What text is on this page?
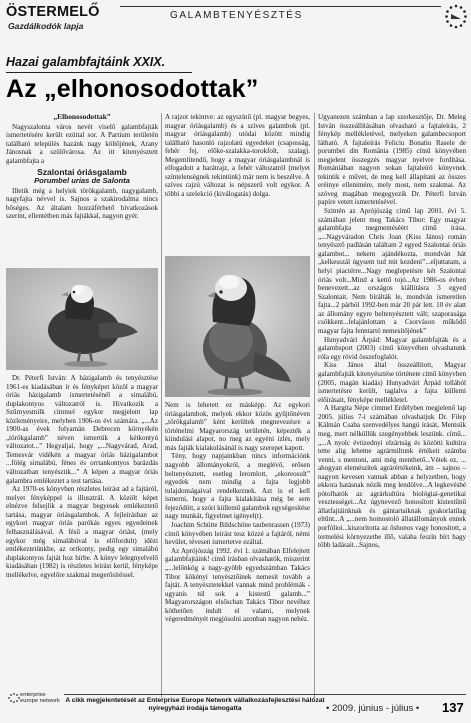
ÖSTERMELŐ
Gazdálkodók lapja
GALAMBTENYÉSZTÉS
Hazai galambfajtáink XXIX.
Az „elhonosodottak”

„Elhonosodottak”

Nagyszalonta város nevét viselő galambfajták ismertetésére került ezúttal sor. A Partium területén található település hazánk nagy költőjének, Arany Jánosnak a szülővárosa. Az itt kitenyésztett galambfajta a

Szalontai óriásgalamb

Porumbel urias de Salonta

Illetik még a helyiek törökgalamb, nagygalamb, nagyfajta névvel is. Sajnos a szakirodalma nincs bőséges. Az általam hozzáférhető hivatkozások szerint, ellentétben más fajtákkal, nagyon gyér.

Dr. Péterfi István: A házigalamb és tenyésztése 1961-es kiadásában ír és fényképet közöl a magyar óriás házigalamb ismertetésénél a simalábú, duplakontyos változatról is. Hivatkozik a Szűrnyesmilk címmel egykor megjelent lap közleményeire, melyben 1906-os évi számára. „...Az 1900-as évek folyamán Debrecen környékén „törökgalamb” néven ismertük a kétkontyú változatot...” Hegyaljai, hogy „...Nagyvárad, Arad, Temesvár vidékén a magyar óriás házigalambot ...fölég simalábú, fénes és orrtankontyos barázdás változatban tenyésztik...” A képen a magyar óriás galambra emlékeztet a test tartása.

Az 1970-es könyvben részletes leírást ad a fajtáról, melyet fényképpel is illusztrál. A közölt képet elnézve felsejlik a magyar begyesek emlékeztető tartása, magyar óriásgalambok. A fejleírásban az egykori magyar óriás parókás egyes egyedeinek felhasználásával. A fésű a magyar óriást, (mely egykor még simalábúval is előfordult) idézi emlékeztetünkbe, az orrkonty, pedig egy simalábú duplakontyos fajtát hoz hírbe. A könyv lelegnyelvelő kiadásában (1982) is részletes leírást kerül, fényképe mellékelve, egyelőre szakmai megerősítéssel.

A rajzot tekintve: az egyszínű (pl. magyar begyes, magyar óriásgalamb) és a szíves galambok (pl. magyar óriásgalamb) utódai között mindig található hasonló rajzolatú egyedeket (csaposság, fehér fej, előke-szalakka-torokfolt, szalag). Megemlítendő, hogy a magyar óriásgalambnál is elfogadott a barátrajz, a fehér változatról (melyet színtelenségnek tekintünk) már nem is beszélve. A szíves rajzú változat is népszerű volt egykor. A többi a szelekció (kiválogatás) dolga.

Nem is lehetett ez másképp. Az egykori óriásgalambok, melyek ekkor közös gyűjtőnéven „törökgalamb” ként kerültek megnevezésre a történelmi Magyarország területén, képezték a kiindulási alapot, no meg az egyéni ízlés, mely más fajták kialakulásánál is nagy szerepet kapott.

Tény, hogy napjainkban nincs információnk nagyobb állományokról, a meglévő, erősen beltenyésztett, esetleg leromlott, „ekoreosult” egyedek nem mindig a fajta legjobb tulajdonságaival rendelkeznek. Azt is el kell ismerni, hogy a fajta kialakítása még be sem fejeződött, a szóri küllemű galambok egységesítése nagy munkát, figyelmet igényel(t).

Joachim Schütte Bildschöne taubenrassen (1973) című könyvében leírást tesz közzé a fajtáról, némi hevület, tévesen ismertetve ezáltal.

Az Aprójószág 1992. évi 1. számában Elfelejtett galambfajtáink! című írásban olvashatók, miszerint „...lelőnkög a nagy-gyöbb egyedszámban Takács Tibor kökényi tenyésztőinek nemesít továbh a fajtát. A tenyésztetekkel vannak mind problémák - ugyanis túl sok a kistestű galamb...” Magyarországon elsőscban Takács Tibor nevéhez köthetően indult el valami, melynek végeredményét megjósolni azonban nagyon nehéz.

Ugyanezen számban a lap szerkesztője, Dr. Meleg István összeállításában olvasható a fajtaleírás, 2 fénykép mellékletével, melyeken galambecsoport látható. A fajtaleírás Feliciu Bonatiu Rasele de porumbei din România (1985) című könyvében megjelent összegzés magyar nyelvre fordítása. Romániában nagyon sokan fajtaleíró könyvnek tekintik e művet, de meg kell állapítani az összes eréinye ellenimére, mely most, nem szakmai. Az szöveg magában megegyezik Dr. Péterfi István papíre vetett ismertetésével.

Szintén az Aprójószág című lap 2001. évi 5. számában jelent meg Takács Tibor: Egy magyar galambfajta megmentéséért című írása. „...Nagyváradon Chris Joan (Kiss János) román tenyésztő padlásán találtam 2 egyed Szalontai óriás galambot... nekem ajándékozta, mondván hát „kelkesszál úgysem tud mit kezdeni”...eljuttatam, a helyi piactérre...Nagy meglepetésre két Szalontai óriás volt...Mind a kettő tojó...Az 1986-os évben benevezett...az országos kiállításra 3 egyed Szalontait. Nem bírálták le, mondván ismeretlen fajta...2 párból 1992-ben már 20 pár lett. 10 év alatt az állomány egyre beltenyésztett vált; szaporasága csökkent...felajánlottam a Csorváson működő magyar fajta fenntartó nemesítőjének”

Hunyadvári Árpád: Magyar galambfajták és a galambsport (2003) című könyvében olvashatunk róla egy rövid összefoglalót.

Kiss János által összeállított, Magyar galambfajták kitenyésztése története című könyvben (2005, magán kiadás) Hunyadvári Árpád tollából ismertetésre került, taglalva a fajta küllemi előírásait, fényképe mellékletel.

A Hargita Népe címmel Erdélyben megjelenő lap 2005. július 7-i számában olvashatjuk Dr. Filep Kálmán Csaba szenvedélyes hangú írását, Mentsük meg, mert nélküllük szegényebbek leszünk. című...„...A nyolc évtizednyi elzártság és közötti kultúra tette alig lehetne agrármiltunk értékeit számba venni, s mentoni, ami még menthető...Vétek ez, ... ahogyan elemészítek agrárértékeink, ám – sajnos – nagyon kevesen vannak abban a helyzetben, hogy ekkora hatásnak nézik meg lendölve...A legkevésbé pótolhatók az agrárkultúra biológiai-genetikai vesztességei...Az úgynevező honosított kistestűnű állatfajtáinknak és gántartaiknak gyakorlatilag eltűnt...A „...nem homostoló állatállományok ennek porfólioi...kiszorította az őshonos vagy honosított, a termelési környezetbe illő, valaha feszín bírt hagy több ladásait...Sajnos,

enterprise europe network A cikk megjelentetését az Enterprise Europe Network vállalkozásfejlesztési hálózat nyíregyházi irodája támogatta	• 2009. június - július • 137
